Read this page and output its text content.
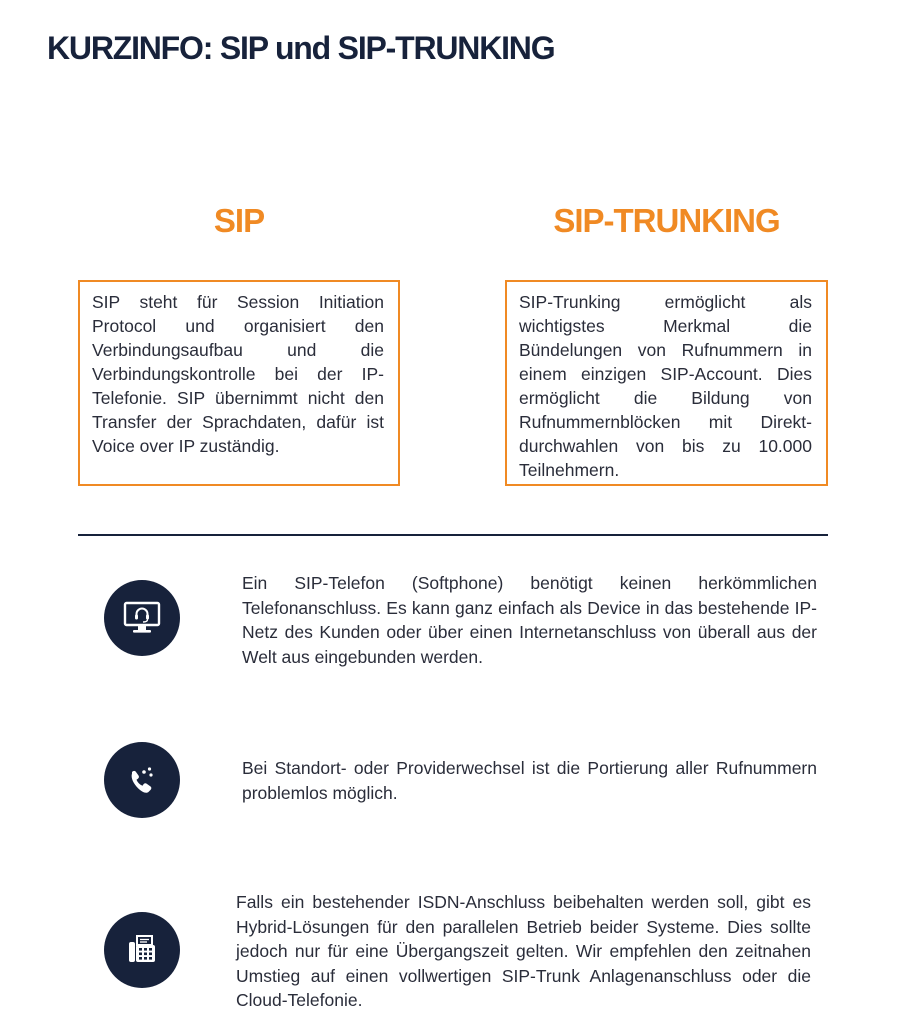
KURZINFO: SIP und SIP-TRUNKING
SIP	SIP-TRUNKING
SIP steht für Session Initiation Protocol und organisiert den Verbindungsaufbau und die Verbindungskontrolle bei der IP-Telefonie. SIP übernimmt nicht den Transfer der Sprachdaten, dafür ist Voice over IP zuständig.
SIP-Trunking ermöglicht als wichtigstes Merkmal die Bündelungen von Rufnummern in einem einzigen SIP-Account. Dies ermöglicht die Bildung von Rufnummernblöcken mit Direkt-durchwahlen von bis zu 10.000 Teilnehmern.

Ein SIP-Telefon (Softphone) benötigt keinen herkömmlichen Telefonanschluss. Es kann ganz einfach als Device in das bestehende IP-Netz des Kunden oder über einen Internetanschluss von überall aus der Welt aus eingebunden werden.

Bei Standort- oder Providerwechsel ist die Portierung aller Rufnummern problemlos möglich.

Falls ein bestehender ISDN-Anschluss beibehalten werden soll, gibt es Hybrid-Lösungen für den parallelen Betrieb beider Systeme. Dies sollte jedoch nur für eine Übergangszeit gelten. Wir empfehlen den zeitnahen Umstieg auf einen vollwertigen SIP-Trunk Anlagenanschluss oder die Cloud-Telefonie.
